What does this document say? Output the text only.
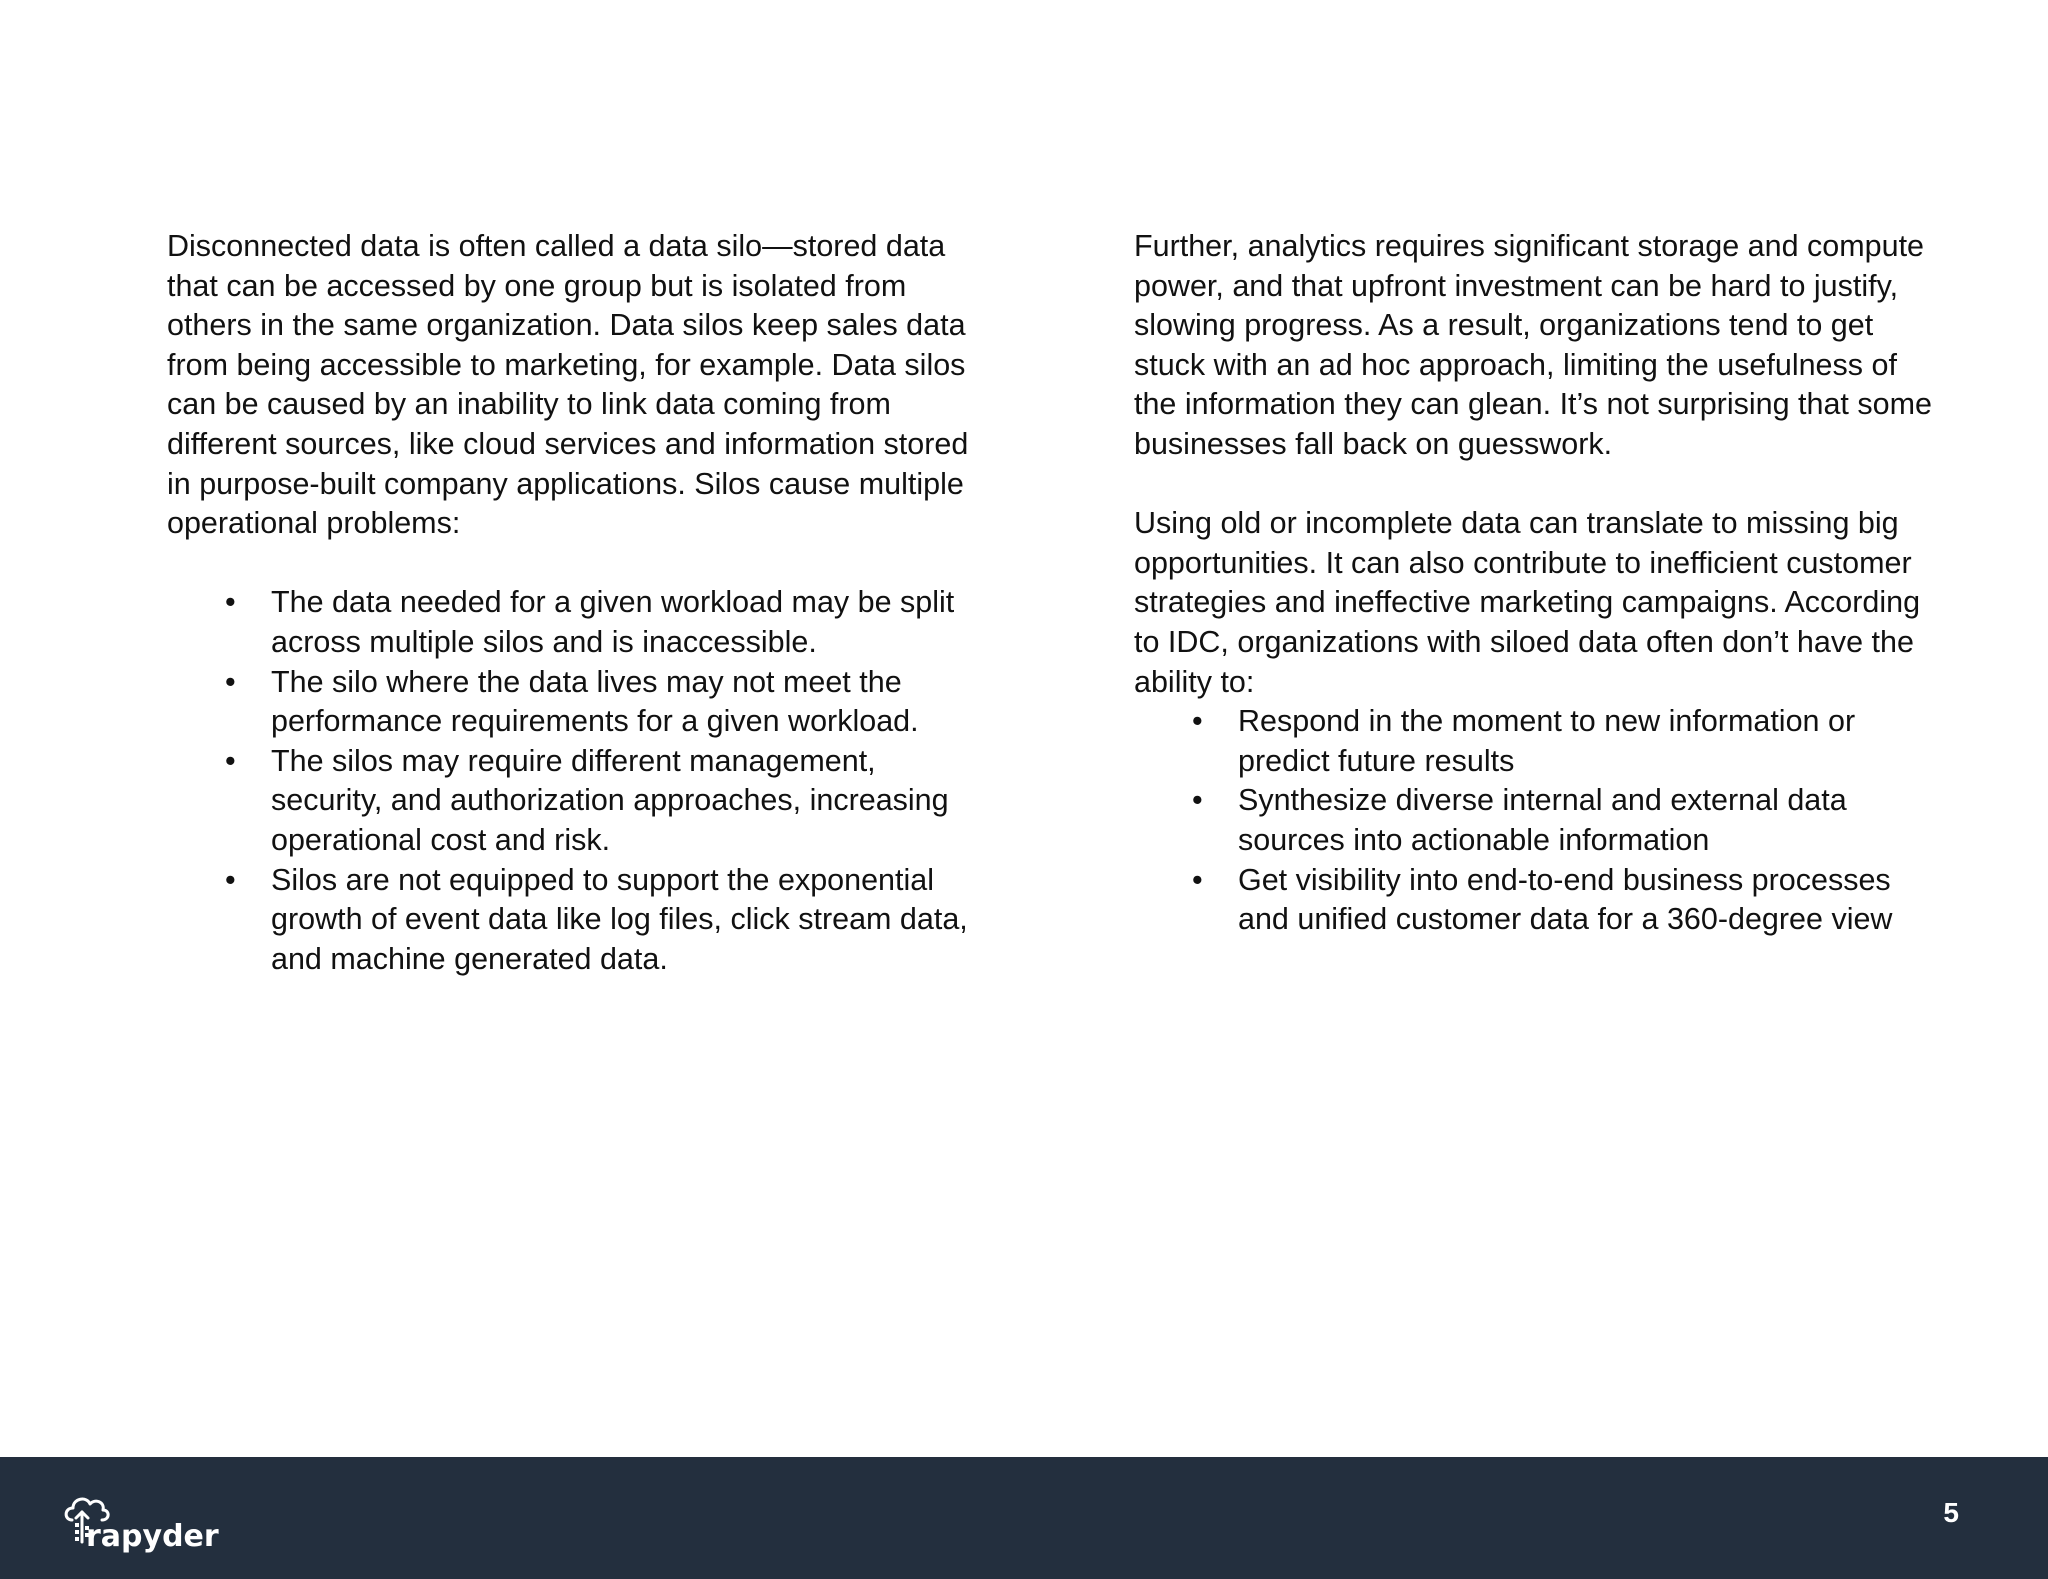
Disconnected data is often called a data silo—stored data that can be accessed by one group but is isolated from others in the same organization. Data silos keep sales data from being accessible to marketing, for example. Data silos can be caused by an inability to link data coming from different sources, like cloud services and information stored in purpose-built company applications. Silos cause multiple operational problems:

• The data needed for a given workload may be split across multiple silos and is inaccessible.
• The silo where the data lives may not meet the performance requirements for a given workload.
• The silos may require different management, security, and authorization approaches, increasing operational cost and risk.
• Silos are not equipped to support the exponential growth of event data like log files, click stream data, and machine generated data.

Further, analytics requires significant storage and compute power, and that upfront investment can be hard to justify, slowing progress. As a result, organizations tend to get stuck with an ad hoc approach, limiting the usefulness of the information they can glean. It’s not surprising that some businesses fall back on guesswork.

Using old or incomplete data can translate to missing big opportunities. It can also contribute to inefficient customer strategies and ineffective marketing campaigns. According to IDC, organizations with siloed data often don’t have the ability to:

• Respond in the moment to new information or predict future results
• Synthesize diverse internal and external data sources into actionable information
• Get visibility into end-to-end business processes and unified customer data for a 360-degree view
rapyder
5
